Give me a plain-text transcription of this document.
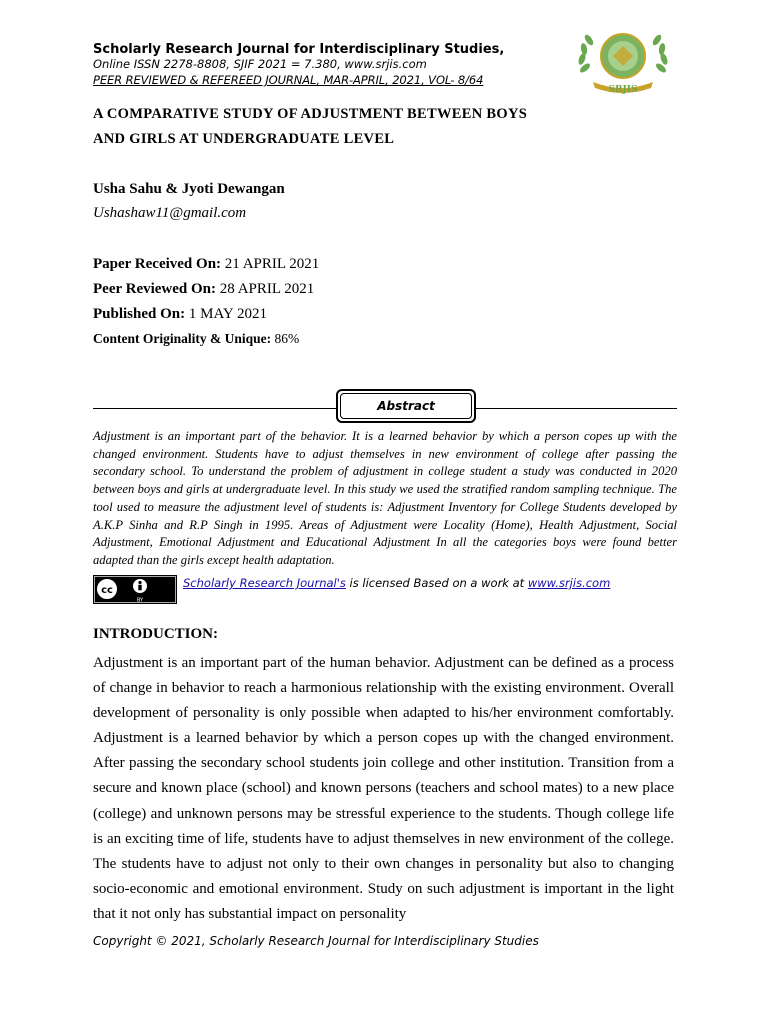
Scholarly Research Journal for Interdisciplinary Studies,
Online ISSN 2278-8808, SJIF 2021 = 7.380, www.srjis.com
PEER REVIEWED & REFEREED JOURNAL, MAR-APRIL, 2021, VOL- 8/64
SRJIS
A COMPARATIVE STUDY OF ADJUSTMENT BETWEEN BOYS
AND GIRLS AT UNDERGRADUATE LEVEL
Usha Sahu & Jyoti Dewangan
Ushashaw11@gmail.com
Paper Received On: 21 APRIL 2021
Peer Reviewed On: 28 APRIL 2021
Published On: 1 MAY 2021
Content Originality & Unique: 86%
Abstract
Adjustment is an important part of the behavior. It is a learned behavior by which a person copes up with the changed environment. Students have to adjust themselves in new environment of college after passing the secondary school. To understand the problem of adjustment in college student a study was conducted in 2020 between boys and girls at undergraduate level. In this study we used the stratified random sampling technique. The tool used to measure the adjustment level of students is: Adjustment Inventory for College Students developed by A.K.P Sinha and R.P Singh in 1995. Areas of Adjustment were Locality (Home), Health Adjustment, Social Adjustment, Emotional Adjustment and Educational Adjustment In all the categories boys were found better adapted than the girls except health adaptation.
cc
BY
Scholarly Research Journal's is licensed Based on a work at www.srjis.com
INTRODUCTION:
Adjustment is an important part of the human behavior. Adjustment can be defined as a process of change in behavior to reach a harmonious relationship with the existing environment. Overall development of personality is only possible when adapted to his/her environment comfortably. Adjustment is a learned behavior by which a person copes up with the changed environment. After passing the secondary school students join college and other institution. Transition from a secure and known place (school) and known persons (teachers and school mates) to a new place (college) and unknown persons may be stressful experience to the students. Though college life is an exciting time of life, students have to adjust themselves in new environment of the college. The students have to adjust not only to their own changes in personality but also to changing socio-economic and emotional environment. Study on such adjustment is important in the light that it not only has substantial impact on personality
Copyright © 2021, Scholarly Research Journal for Interdisciplinary Studies
